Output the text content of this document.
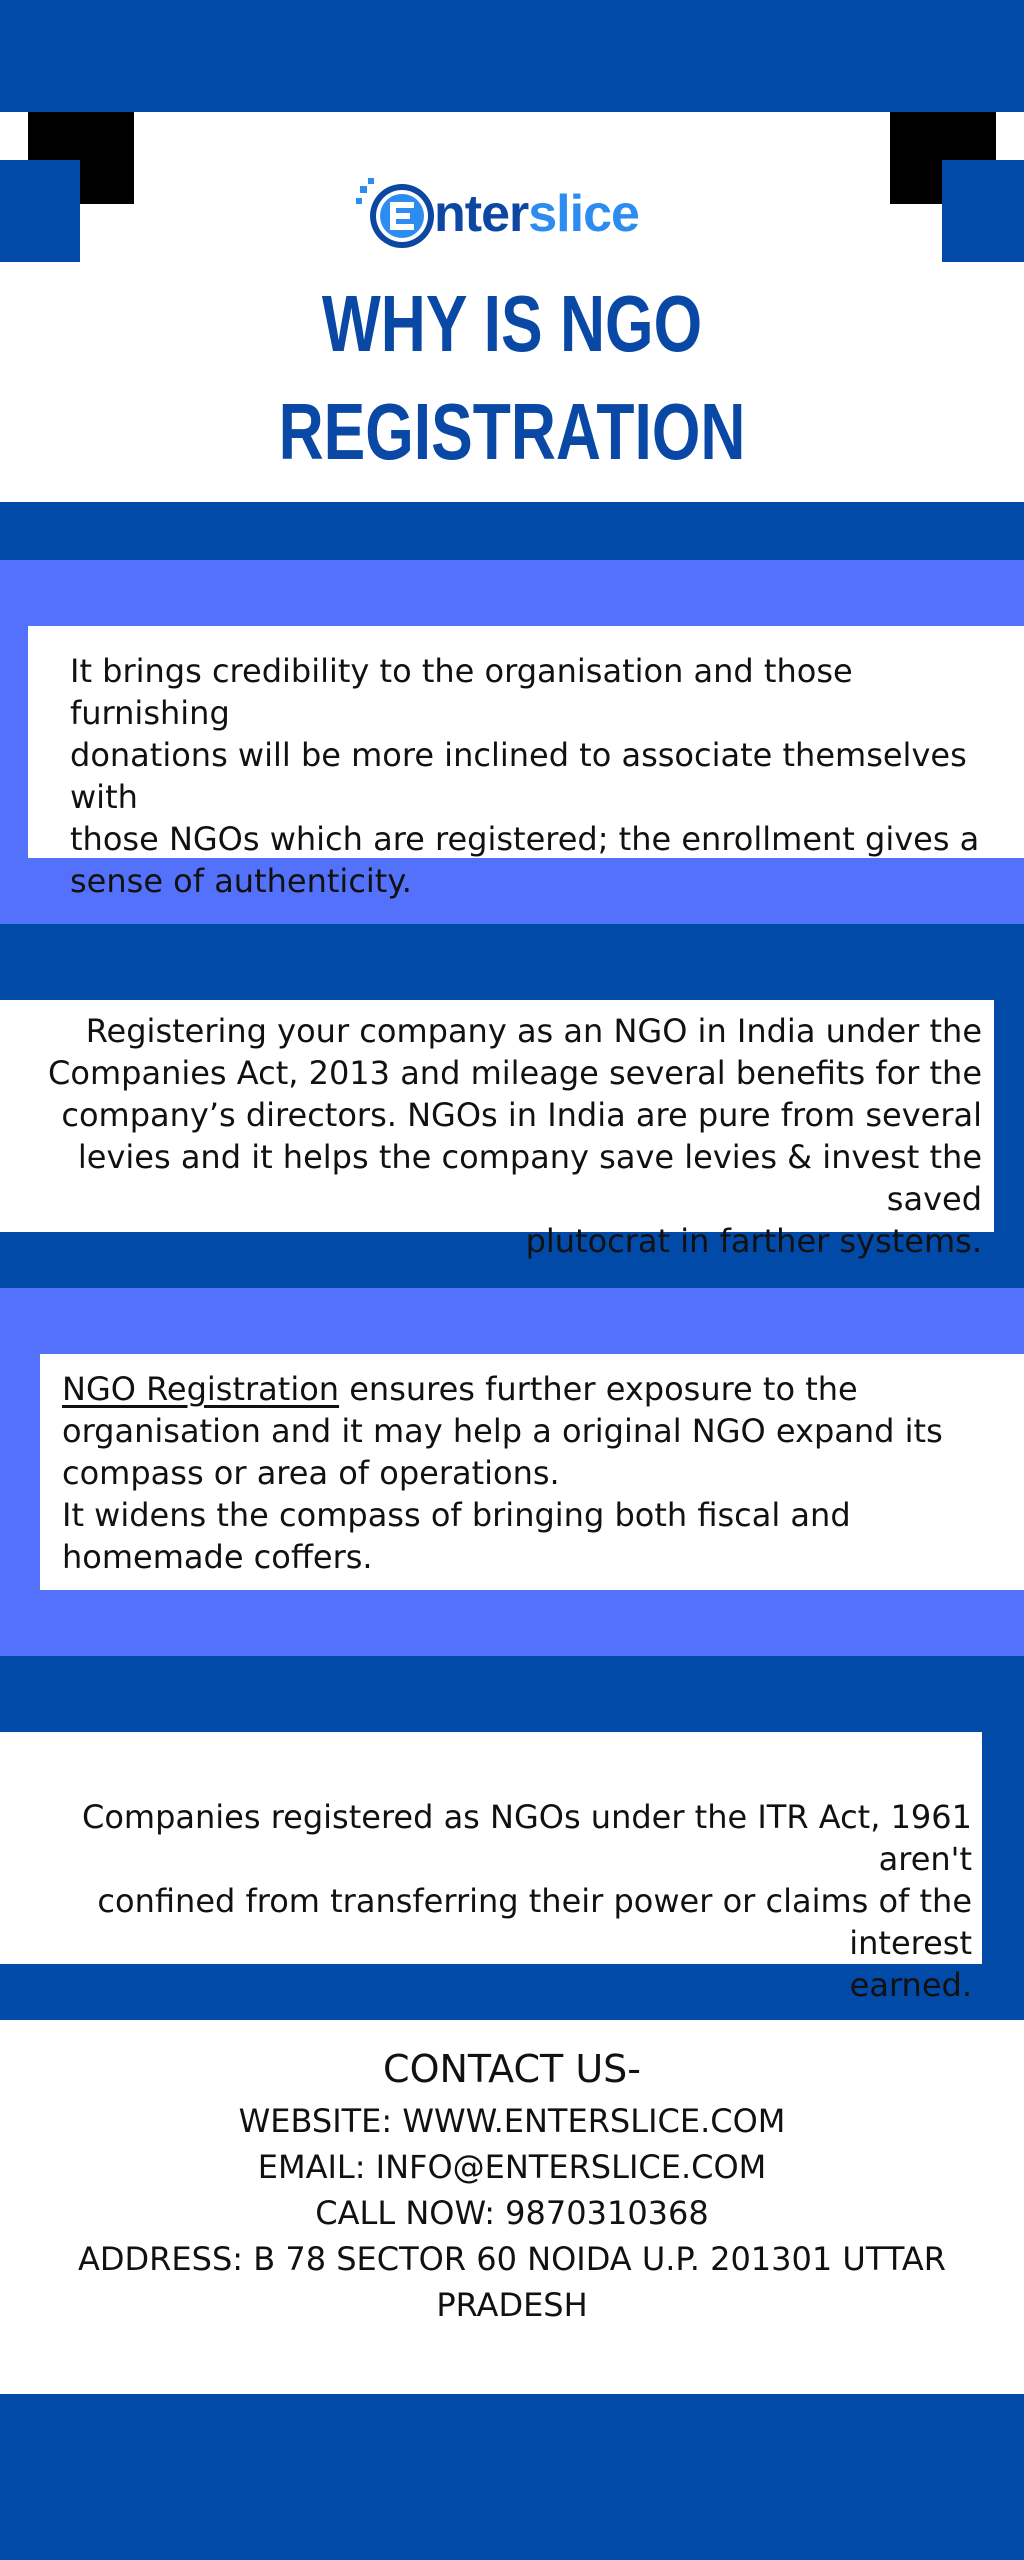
nterslice
WHY IS NGO REGISTRATION

It brings credibility to the organisation and those furnishing
donations will be more inclined to associate themselves with
those NGOs which are registered; the enrollment gives a
sense of authenticity.

Registering your company as an NGO in India under the
Companies Act, 2013 and mileage several benefits for the
company’s directors. NGOs in India are pure from several
levies and it helps the company save levies & invest the saved
plutocrat in farther systems.

NGO Registration ensures further exposure to the
organisation and it may help a original NGO expand its
compass or area of operations.
It widens the compass of bringing both fiscal and
homemade coffers.

Companies registered as NGOs under the ITR Act, 1961 aren't
confined from transferring their power or claims of the interest
earned.

CONTACT US-
WEBSITE: WWW.ENTERSLICE.COM
EMAIL: INFO@ENTERSLICE.COM
CALL NOW: 9870310368
ADDRESS: B 78 SECTOR 60 NOIDA U.P. 201301 UTTAR
PRADESH
